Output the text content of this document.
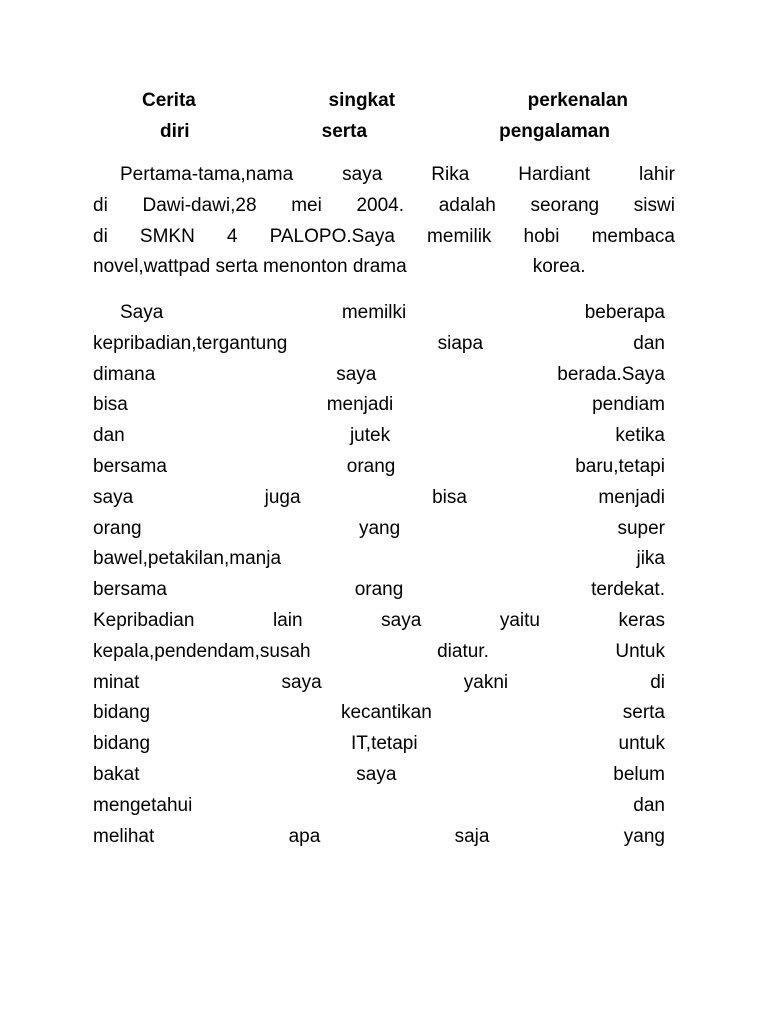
Cerita	singkat	perkenalan
diri	serta	pengalaman
Pertama-tama,nama	saya	Rika	Hardiant	lahir
di Dawi-dawi,28 mei 2004. adalah seorang siswi
di SMKN 4 PALOPO.Saya memilik hobi membaca
novel,wattpad serta menonton drama	korea.
Saya	memilki	beberapa
kepribadian,tergantung	siapa	dan
dimana	saya	berada.Saya
bisa	menjadi	pendiam
dan	jutek	ketika
bersama	orang	baru,tetapi
saya	juga	bisa	menjadi
orang	yang	super
bawel,petakilan,manja	jika
bersama	orang	terdekat.
Kepribadian	lain	saya	yaitu	keras
kepala,pendendam,susah	diatur.	Untuk
minat	saya	yakni	di
bidang	kecantikan	serta
bidang	IT,tetapi	untuk
bakat	saya	belum
mengetahui	dan
melihat	apa	saja	yang
